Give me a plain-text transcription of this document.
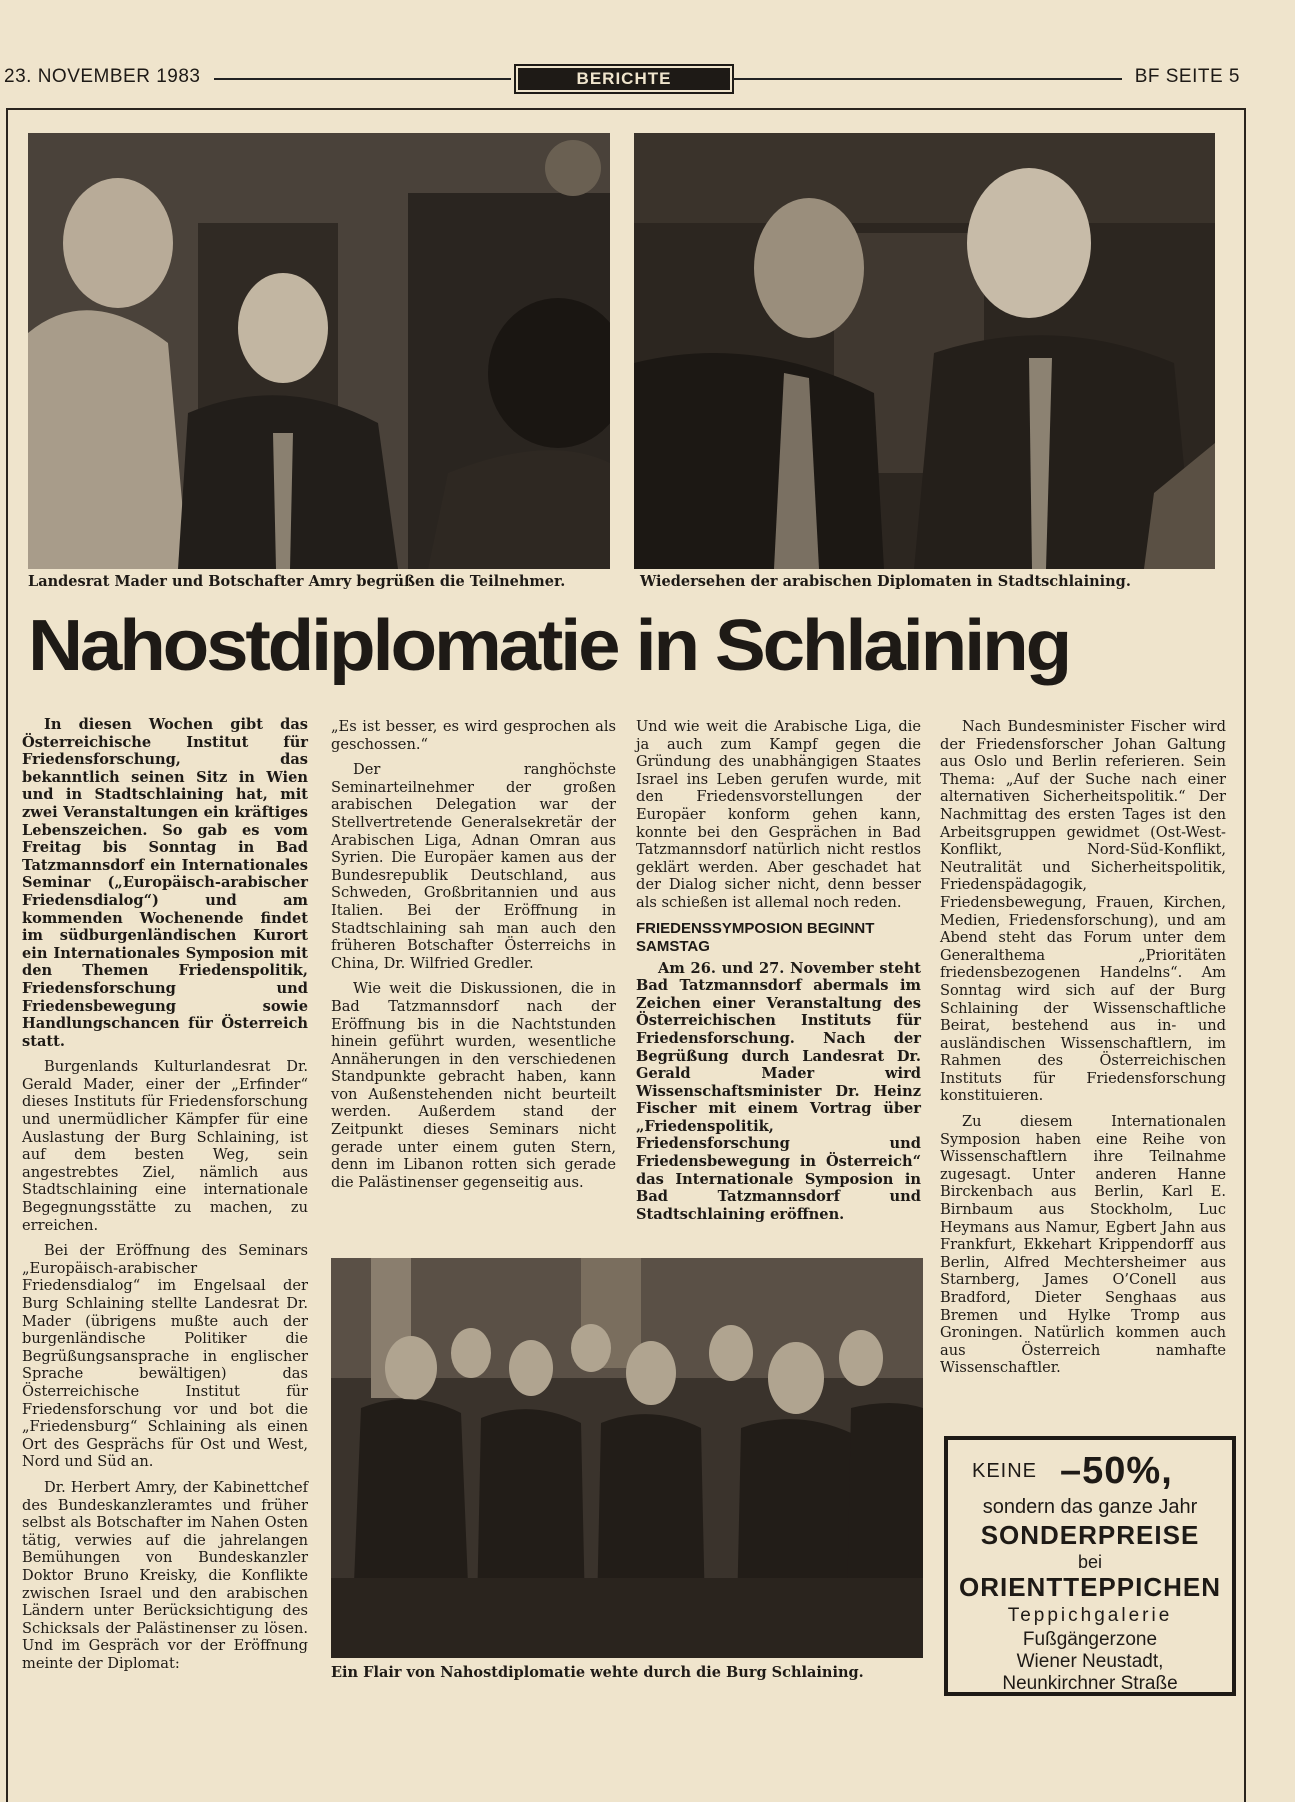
23. NOVEMBER 1983	BERICHTE	BF SEITE 5
Landesrat Mader und Botschafter Amry begrüßen die Teilnehmer.	Wiedersehen der arabischen Diplomaten in Stadtschlaining.
Nahostdiplomatie in Schlaining

In diesen Wochen gibt das Österreichische Institut für Friedensforschung, das bekanntlich seinen Sitz in Wien und in Stadtschlaining hat, mit zwei Veranstaltungen ein kräftiges Lebenszeichen. So gab es vom Freitag bis Sonntag in Bad Tatzmannsdorf ein Internationales Seminar („Europäisch-arabischer Friedensdialog“) und am kommenden Wochenende findet im südburgenländischen Kurort ein Internationales Symposion mit den Themen Friedenspolitik, Friedensforschung und Friedensbewegung sowie Handlungschancen für Österreich statt.

Burgenlands Kulturlandesrat Dr. Gerald Mader, einer der „Erfinder“ dieses Instituts für Friedensforschung und unermüdlicher Kämpfer für eine Auslastung der Burg Schlaining, ist auf dem besten Weg, sein angestrebtes Ziel, nämlich aus Stadtschlaining eine internationale Begegnungsstätte zu machen, zu erreichen.

Bei der Eröffnung des Seminars „Europäisch-arabischer Friedensdialog“ im Engelsaal der Burg Schlaining stellte Landesrat Dr. Mader (übrigens mußte auch der burgenländische Politiker die Begrüßungsansprache in englischer Sprache bewältigen) das Österreichische Institut für Friedensforschung vor und bot die „Friedensburg“ Schlaining als einen Ort des Gesprächs für Ost und West, Nord und Süd an.

Dr. Herbert Amry, der Kabinettchef des Bundeskanzleramtes und früher selbst als Botschafter im Nahen Osten tätig, verwies auf die jahrelangen Bemühungen von Bundeskanzler Doktor Bruno Kreisky, die Konflikte zwischen Israel und den arabischen Ländern unter Berücksichtigung des Schicksals der Palästinenser zu lösen. Und im Gespräch vor der Eröffnung meinte der Diplomat:

„Es ist besser, es wird gesprochen als geschossen.“

Der ranghöchste Seminarteilnehmer der großen arabischen Delegation war der Stellvertretende Generalsekretär der Arabischen Liga, Adnan Omran aus Syrien. Die Europäer kamen aus der Bundesrepublik Deutschland, aus Schweden, Großbritannien und aus Italien. Bei der Eröffnung in Stadtschlaining sah man auch den früheren Botschafter Österreichs in China, Dr. Wilfried Gredler.

Wie weit die Diskussionen, die in Bad Tatzmannsdorf nach der Eröffnung bis in die Nachtstunden hinein geführt wurden, wesentliche Annäherungen in den verschiedenen Standpunkte gebracht haben, kann von Außenstehenden nicht beurteilt werden. Außerdem stand der Zeitpunkt dieses Seminars nicht gerade unter einem guten Stern, denn im Libanon rotten sich gerade die Palästinenser gegenseitig aus.

Und wie weit die Arabische Liga, die ja auch zum Kampf gegen die Gründung des unabhängigen Staates Israel ins Leben gerufen wurde, mit den Friedensvorstellungen der Europäer konform gehen kann, konnte bei den Gesprächen in Bad Tatzmannsdorf natürlich nicht restlos geklärt werden. Aber geschadet hat der Dialog sicher nicht, denn besser als schießen ist allemal noch reden.

FRIEDENSSYMPOSION BEGINNT SAMSTAG

Am 26. und 27. November steht Bad Tatzmannsdorf abermals im Zeichen einer Veranstaltung des Österreichischen Instituts für Friedensforschung. Nach der Begrüßung durch Landesrat Dr. Gerald Mader wird Wissenschaftsminister Dr. Heinz Fischer mit einem Vortrag über „Friedenspolitik, Friedensforschung und Friedensbewegung in Österreich“ das Internationale Symposion in Bad Tatzmannsdorf und Stadtschlaining eröffnen.

Nach Bundesminister Fischer wird der Friedensforscher Johan Galtung aus Oslo und Berlin referieren. Sein Thema: „Auf der Suche nach einer alternativen Sicherheitspolitik.“ Der Nachmittag des ersten Tages ist den Arbeitsgruppen gewidmet (Ost-West-Konflikt, Nord-Süd-Konflikt, Neutralität und Sicherheitspolitik, Friedenspädagogik, Friedensbewegung, Frauen, Kirchen, Medien, Friedensforschung), und am Abend steht das Forum unter dem Generalthema „Prioritäten friedensbezogenen Handelns“. Am Sonntag wird sich auf der Burg Schlaining der Wissenschaftliche Beirat, bestehend aus in- und ausländischen Wissenschaftlern, im Rahmen des Österreichischen Instituts für Friedensforschung konstituieren.

Zu diesem Internationalen Symposion haben eine Reihe von Wissenschaftlern ihre Teilnahme zugesagt. Unter anderen Hanne Birckenbach aus Berlin, Karl E. Birnbaum aus Stockholm, Luc Heymans aus Namur, Egbert Jahn aus Frankfurt, Ekkehart Krippendorff aus Berlin, Alfred Mechtersheimer aus Starnberg, James O’Conell aus Bradford, Dieter Senghaas aus Bremen und Hylke Tromp aus Groningen. Natürlich kommen auch aus Österreich namhafte Wissenschaftler.

Ein Flair von Nahostdiplomatie wehte durch die Burg Schlaining.
KEINE –50%,
sondern das ganze Jahr
SONDERPREISE
bei
ORIENTTEPPICHEN
Teppichgalerie
Fußgängerzone
Wiener Neustadt,
Neunkirchner Straße
